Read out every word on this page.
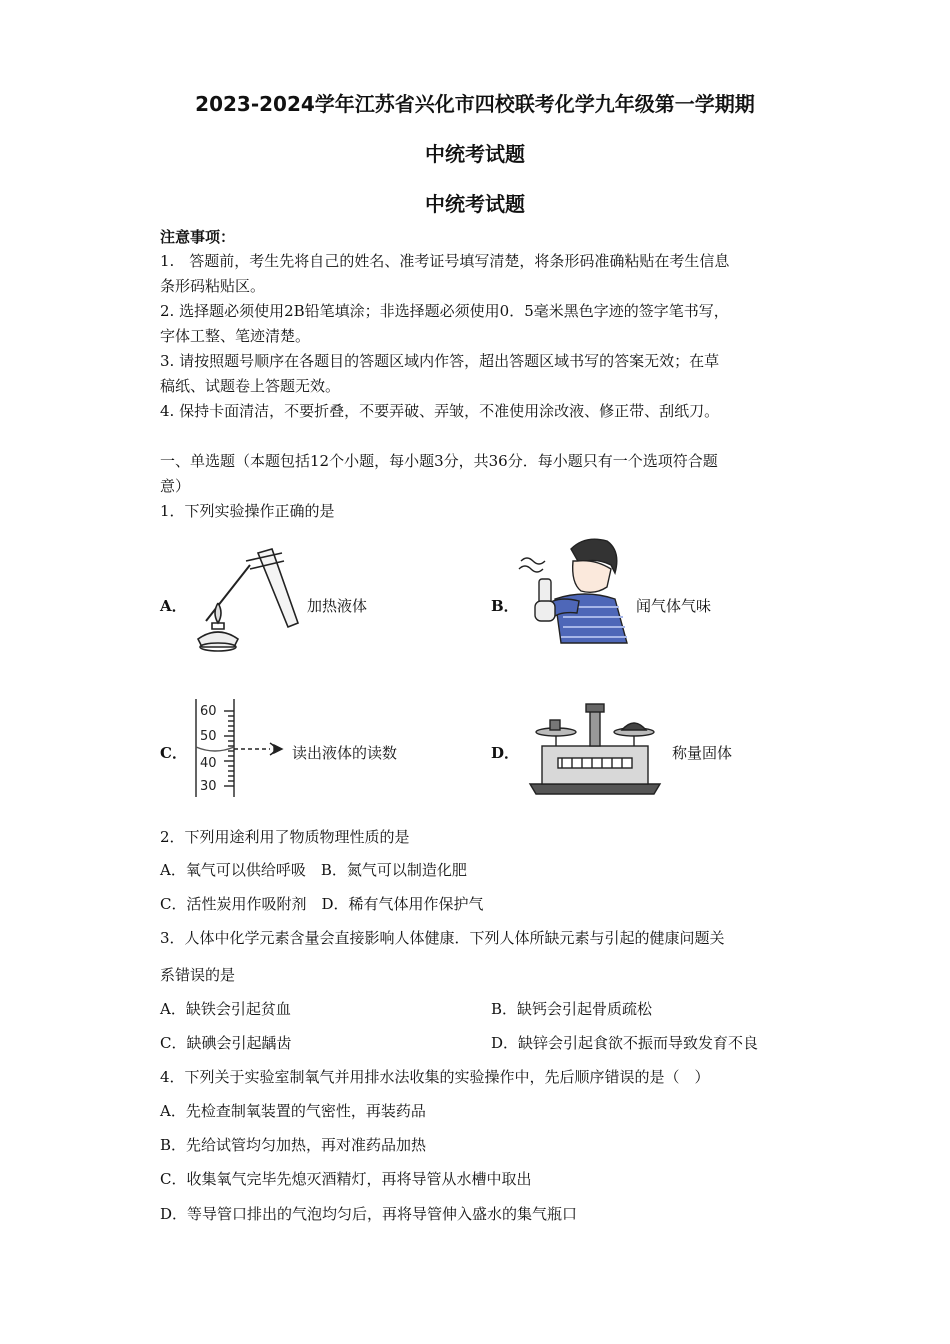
2023-2024学年江苏省兴化市四校联考化学九年级第一学期期
中统考试题
中统考试题
注意事项：
1.　答题前，考生先将自己的姓名、准考证号填写清楚，将条形码准确粘贴在考生信息
条形码粘贴区。
2. 选择题必须使用2B铅笔填涂；非选择题必须使用0．5毫米黑色字迹的签字笔书写，
字体工整、笔迹清楚。
3. 请按照题号顺序在各题目的答题区域内作答，超出答题区域书写的答案无效；在草
稿纸、试题卷上答题无效。
4. 保持卡面清洁，不要折叠，不要弄破、弄皱，不准使用涂改液、修正带、刮纸刀。
一、单选题（本题包括12个小题，每小题3分，共36分．每小题只有一个选项符合题
意）
1．下列实验操作正确的是
A．	加热液体	B．	闻气体气味
C．
60
50
40
30
读出液体的读数	D．	称量固体
2．下列用途利用了物质物理性质的是
A．氧气可以供给呼吸　B．氮气可以制造化肥
C．活性炭用作吸附剂　D．稀有气体用作保护气
3．人体中化学元素含量会直接影响人体健康．下列人体所缺元素与引起的健康问题关
系错误的是
A．缺铁会引起贫血	B．缺钙会引起骨质疏松
C．缺碘会引起龋齿	D．缺锌会引起食欲不振而导致发育不良
4．下列关于实验室制氧气并用排水法收集的实验操作中，先后顺序错误的是（　）
A．先检查制氧装置的气密性，再装药品
B．先给试管均匀加热，再对准药品加热
C．收集氧气完毕先熄灭酒精灯，再将导管从水槽中取出
D．等导管口排出的气泡均匀后，再将导管伸入盛水的集气瓶口
